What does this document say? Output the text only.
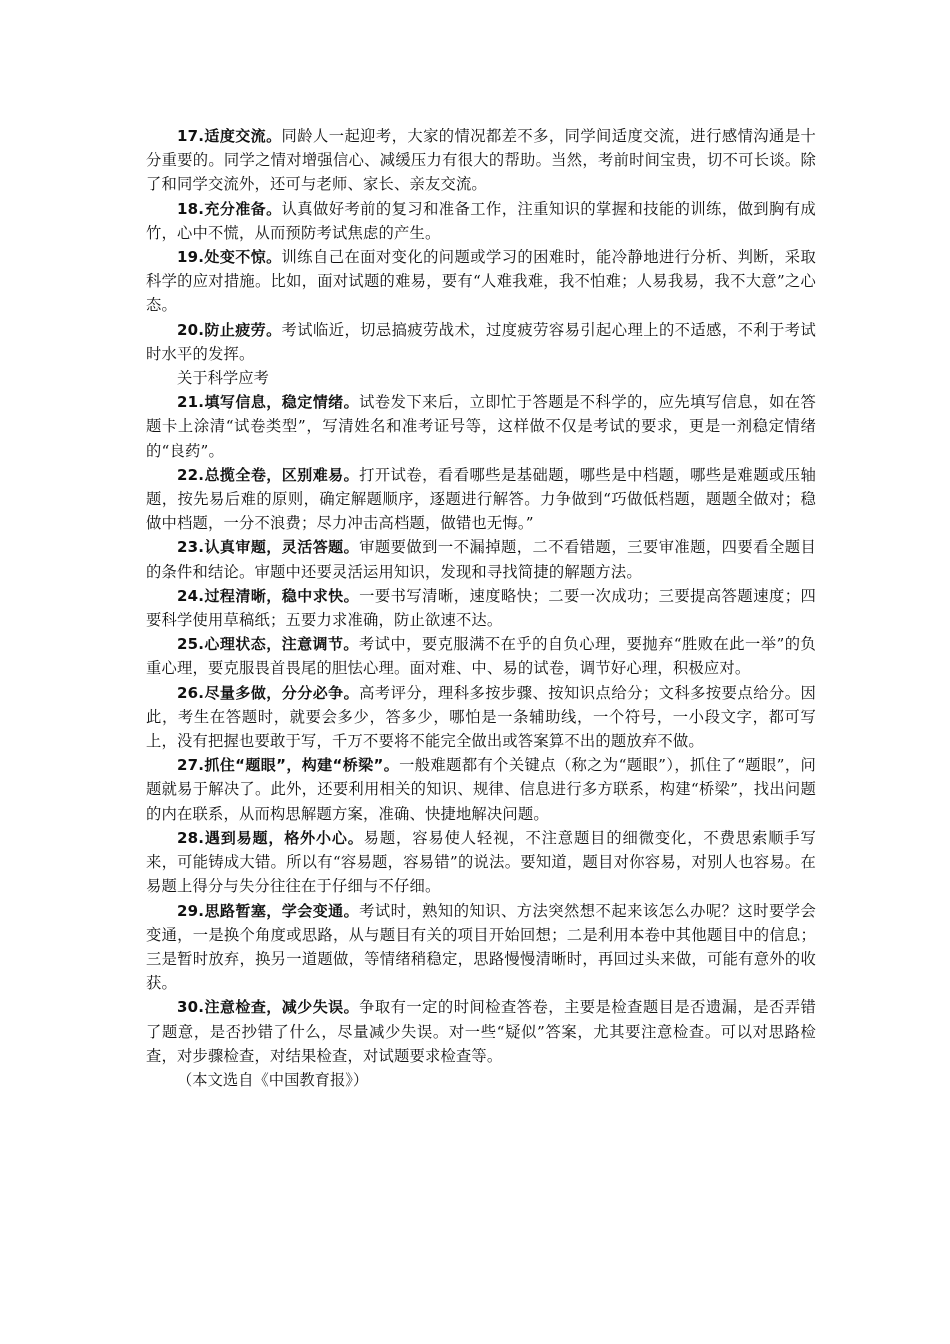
17.适度交流。同龄人一起迎考，大家的情况都差不多，同学间适度交流，进行感情沟通是十分重要的。同学之情对增强信心、减缓压力有很大的帮助。当然，考前时间宝贵，切不可长谈。除了和同学交流外，还可与老师、家长、亲友交流。

18.充分准备。认真做好考前的复习和准备工作，注重知识的掌握和技能的训练，做到胸有成竹，心中不慌，从而预防考试焦虑的产生。

19.处变不惊。训练自己在面对变化的问题或学习的困难时，能冷静地进行分析、判断，采取科学的应对措施。比如，面对试题的难易，要有“人难我难，我不怕难；人易我易，我不大意”之心态。

20.防止疲劳。考试临近，切忌搞疲劳战术，过度疲劳容易引起心理上的不适感，不利于考试时水平的发挥。

关于科学应考

21.填写信息，稳定情绪。试卷发下来后，立即忙于答题是不科学的，应先填写信息，如在答题卡上涂清“试卷类型”，写清姓名和准考证号等，这样做不仅是考试的要求，更是一剂稳定情绪的“良药”。

22.总揽全卷，区别难易。打开试卷，看看哪些是基础题，哪些是中档题，哪些是难题或压轴题，按先易后难的原则，确定解题顺序，逐题进行解答。力争做到“巧做低档题，题题全做对；稳做中档题，一分不浪费；尽力冲击高档题，做错也无悔。”

23.认真审题，灵活答题。审题要做到一不漏掉题，二不看错题，三要审准题，四要看全题目的条件和结论。审题中还要灵活运用知识，发现和寻找简捷的解题方法。

24.过程清晰，稳中求快。一要书写清晰，速度略快；二要一次成功；三要提高答题速度；四要科学使用草稿纸；五要力求准确，防止欲速不达。

25.心理状态，注意调节。考试中，要克服满不在乎的自负心理，要抛弃“胜败在此一举”的负重心理，要克服畏首畏尾的胆怯心理。面对难、中、易的试卷，调节好心理，积极应对。

26.尽量多做，分分必争。高考评分，理科多按步骤、按知识点给分；文科多按要点给分。因此，考生在答题时，就要会多少，答多少，哪怕是一条辅助线，一个符号，一小段文字，都可写上，没有把握也要敢于写，千万不要将不能完全做出或答案算不出的题放弃不做。

27.抓住“题眼”，构建“桥梁”。一般难题都有个关键点（称之为“题眼”），抓住了“题眼”，问题就易于解决了。此外，还要利用相关的知识、规律、信息进行多方联系，构建“桥梁”，找出问题的内在联系，从而构思解题方案，准确、快捷地解决问题。

28.遇到易题，格外小心。易题，容易使人轻视，不注意题目的细微变化，不费思索顺手写来，可能铸成大错。所以有“容易题，容易错”的说法。要知道，题目对你容易，对别人也容易。在易题上得分与失分往往在于仔细与不仔细。

29.思路暂塞，学会变通。考试时，熟知的知识、方法突然想不起来该怎么办呢？这时要学会变通，一是换个角度或思路，从与题目有关的项目开始回想；二是利用本卷中其他题目中的信息；三是暂时放弃，换另一道题做，等情绪稍稳定，思路慢慢清晰时，再回过头来做，可能有意外的收获。

30.注意检查，减少失误。争取有一定的时间检查答卷，主要是检查题目是否遗漏，是否弄错了题意，是否抄错了什么，尽量减少失误。对一些“疑似”答案，尤其要注意检查。可以对思路检查，对步骤检查，对结果检查，对试题要求检查等。

（本文选自《中国教育报》）
